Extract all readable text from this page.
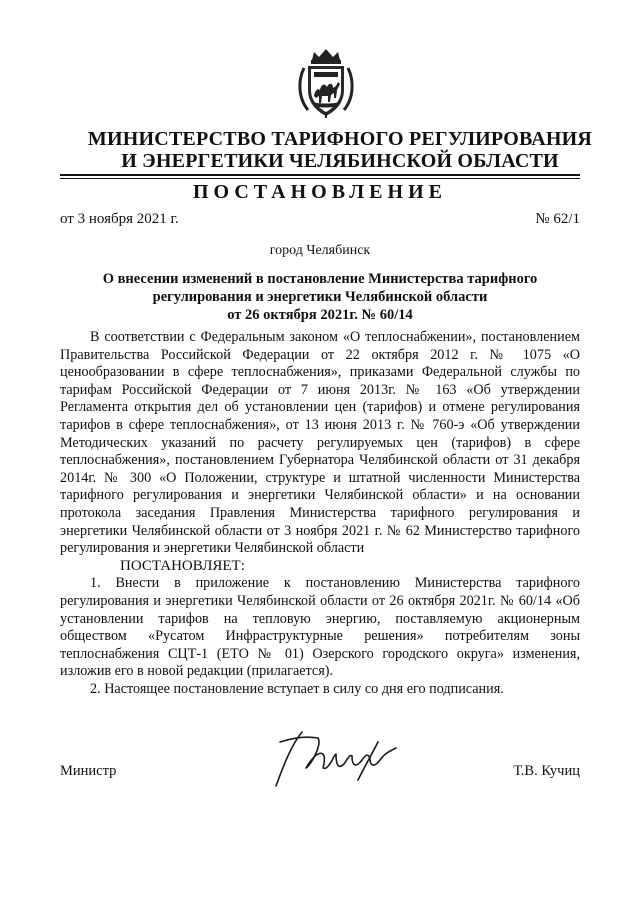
МИНИСТЕРСТВО ТАРИФНОГО РЕГУЛИРОВАНИЯ
И ЭНЕРГЕТИКИ ЧЕЛЯБИНСКОЙ ОБЛАСТИ
ПОСТАНОВЛЕНИЕ
от 3 ноября 2021 г.	№ 62/1
город Челябинск
О внесении изменений в постановление Министерства тарифного
регулирования и энергетики Челябинской области
от 26 октября 2021г. № 60/14

В соответствии с Федеральным законом «О теплоснабжении», постановлением Правительства Российской Федерации от 22 октября 2012 г. № 1075 «О ценообразовании в сфере теплоснабжения», приказами Федеральной службы по тарифам Российской Федерации от 7 июня 2013г. № 163 «Об утверждении Регламента открытия дел об установлении цен (тарифов) и отмене регулирования тарифов в сфере теплоснабжения», от 13 июня 2013 г. № 760-э «Об утверждении Методических указаний по расчету регулируемых цен (тарифов) в сфере теплоснабжения», постановлением Губернатора Челябинской области от 31 декабря 2014г. № 300 «О Положении, структуре и штатной численности Министерства тарифного регулирования и энергетики Челябинской области» и на основании протокола заседания Правления Министерства тарифного регулирования и энергетики Челябинской области от 3 ноября 2021 г. № 62 Министерство тарифного регулирования и энергетики Челябинской области

ПОСТАНОВЛЯЕТ:

1. Внести в приложение к постановлению Министерства тарифного регулирования и энергетики Челябинской области от 26 октября 2021г. № 60/14 «Об установлении тарифов на тепловую энергию, поставляемую акционерным обществом «Русатом Инфраструктурные решения» потребителям зоны теплоснабжения СЦТ-1 (ЕТО № 01) Озерского городского округа» изменения, изложив его в новой редакции (прилагается).

2. Настоящее постановление вступает в силу со дня его подписания.

Министр	Т.В. Кучиц
